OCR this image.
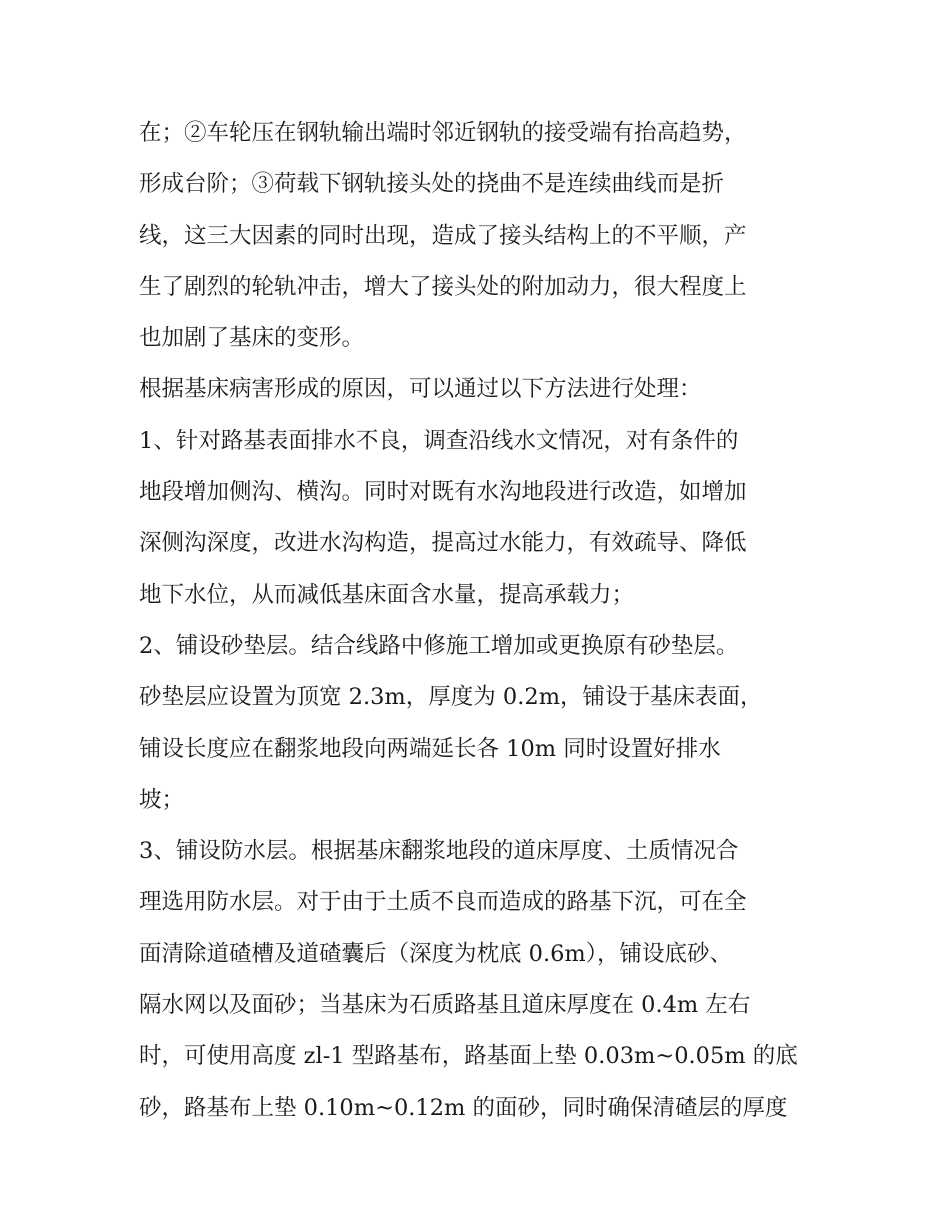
在；②车轮压在钢轨输出端时邻近钢轨的接受端有抬高趋势，
形成台阶；③荷载下钢轨接头处的挠曲不是连续曲线而是折
线，这三大因素的同时出现，造成了接头结构上的不平顺，产
生了剧烈的轮轨冲击，增大了接头处的附加动力，很大程度上
也加剧了基床的变形。
根据基床病害形成的原因，可以通过以下方法进行处理：
1、针对路基表面排水不良，调查沿线水文情况，对有条件的
地段增加侧沟、横沟。同时对既有水沟地段进行改造，如增加
深侧沟深度，改进水沟构造，提高过水能力，有效疏导、降低
地下水位，从而减低基床面含水量，提高承载力；
2、铺设砂垫层。结合线路中修施工增加或更换原有砂垫层。
砂垫层应设置为顶宽 2.3m，厚度为 0.2m，铺设于基床表面，
铺设长度应在翻浆地段向两端延长各 10m 同时设置好排水
坡；
3、铺设防水层。根据基床翻浆地段的道床厚度、土质情况合
理选用防水层。对于由于土质不良而造成的路基下沉，可在全
面清除道碴槽及道碴囊后（深度为枕底 0.6m），铺设底砂、
隔水网以及面砂；当基床为石质路基且道床厚度在 0.4m 左右
时，可使用高度 zl-1 型路基布，路基面上垫 0.03m~0.05m 的底
砂，路基布上垫 0.10m~0.12m 的面砂，同时确保清碴层的厚度
